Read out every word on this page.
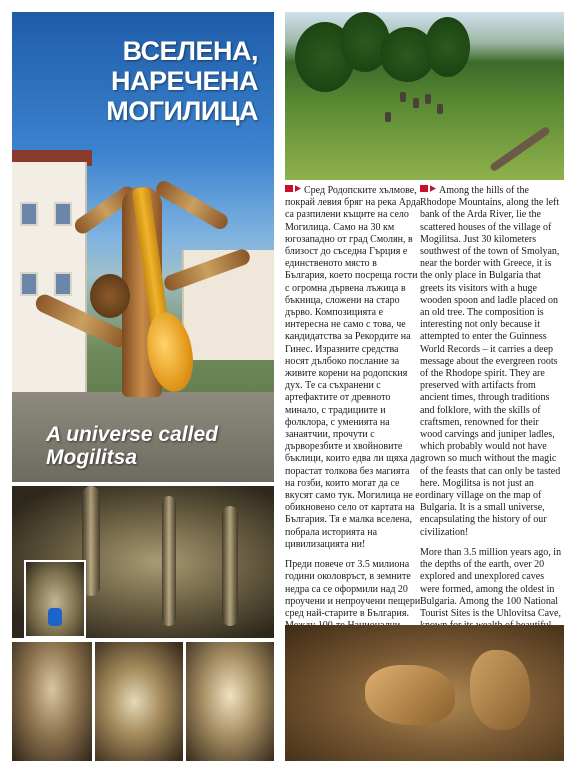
ВСЕЛЕНА, НАРЕЧЕНА МОГИЛИЦА
A universe called Mogilitsa

Сред Родопските хълмове, покрай левия бряг на река Арда са разпилени къщите на село Могилица. Само на 30 км югозападно от град Смолян, в близост до съседна Гърция е единственото място в България, което посреща гости с огромна дървена лъжица в бъкница, сложени на старо дърво. Композицията е интересна не само с това, че кандидатства за Рекордите на Гинес. Изразните средства носят дълбоко послание за живите корени на родопския дух. Те са съхранени с артефактите от древното минало, с традициите и фолклора, с уменията на занаятчии, прочути с дърворезбите и хвойновите бъклици, които едва ли щяха да порастат толкова без магията на гозби, които могат да се вкусят само тук. Могилица не е обикновено село от картата на България. Тя е малка вселена, побрала историята на цивилизацията ни!

Преди повече от 3.5 милиона години околовръст, в земните недра са се оформили над 20 проучени и непроучени пещери сред най-старите в България.

Among the hills of the Rhodope Mountains, along the left bank of the Arda River, lie the scattered houses of the village of Mogilitsa. Just 30 kilometers southwest of the town of Smolyan, near the border with Greece, it is the only place in Bulgaria that greets its visitors with a huge wooden spoon and ladle placed on an old tree. The composition is interesting not only because it attempted to enter the Guinness World Records – it carries a deep message about the evergreen roots of the Rhodope spirit. They are preserved with artifacts from ancient times, through traditions and folklore, with the skills of craftsmen, renowned for their wood carvings and juniper ladles, which probably would not have grown so much without the magic of the feasts that can only be tasted here. Mogilitsa is not just an ordinary village on the map of Bulgaria. It is a small universe, encapsulating the history of our civilization!

More than 3.5 million years ago, in the depths of the earth, over 20 explored and unexplored caves were formed, among the oldest in Bulgaria. Among the 100 National Tourist Sites is the Uhlovitsa Cave,
